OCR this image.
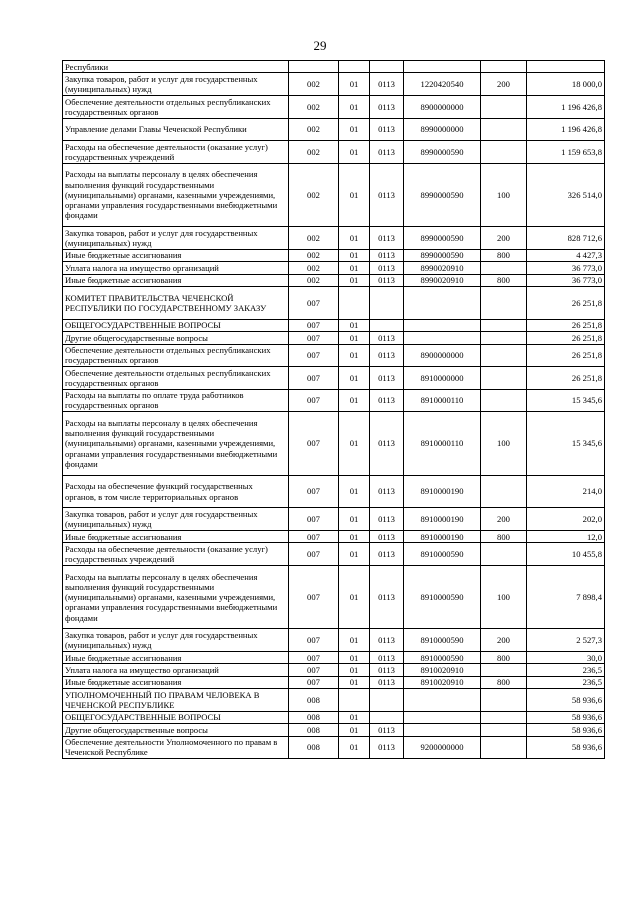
29
Республики						
Закупка товаров, работ и услуг для государственных (муниципальных) нужд	002	01	0113	1220420540	200	18 000,0
Обеспечение деятельности отдельных республиканских государственных органов	002	01	0113	8900000000		1 196 426,8
Управление делами Главы Чеченской Республики	002	01	0113	8990000000		1 196 426,8
Расходы на обеспечение деятельности (оказание услуг) государственных учреждений	002	01	0113	8990000590		1 159 653,8
Расходы на выплаты персоналу в целях обеспечения выполнения функций государственными (муниципальными) органами, казенными учреждениями, органами управления государственными внебюджетными фондами	002	01	0113	8990000590	100	326 514,0
Закупка товаров, работ и услуг для государственных (муниципальных) нужд	002	01	0113	8990000590	200	828 712,6
Иные бюджетные ассигнования	002	01	0113	8990000590	800	4 427,3
Уплата налога на имущество организаций	002	01	0113	8990020910		36 773,0
Иные бюджетные ассигнования	002	01	0113	8990020910	800	36 773,0
КОМИТЕТ ПРАВИТЕЛЬСТВА ЧЕЧЕНСКОЙ РЕСПУБЛИКИ ПО ГОСУДАРСТВЕННОМУ ЗАКАЗУ	007					26 251,8
ОБЩЕГОСУДАРСТВЕННЫЕ ВОПРОСЫ	007	01				26 251,8
Другие общегосударственные вопросы	007	01	0113			26 251,8
Обеспечение деятельности отдельных республиканских государственных органов	007	01	0113	8900000000		26 251,8
Обеспечение деятельности отдельных республиканских государственных органов	007	01	0113	8910000000		26 251,8
Расходы на выплаты по оплате труда работников государственных органов	007	01	0113	8910000110		15 345,6
Расходы на выплаты персоналу в целях обеспечения выполнения функций государственными (муниципальными) органами, казенными учреждениями, органами управления государственными внебюджетными фондами	007	01	0113	8910000110	100	15 345,6
Расходы на обеспечение функций государственных органов, в том числе территориальных органов	007	01	0113	8910000190		214,0
Закупка товаров, работ и услуг для государственных (муниципальных) нужд	007	01	0113	8910000190	200	202,0
Иные бюджетные ассигнования	007	01	0113	8910000190	800	12,0
Расходы на обеспечение деятельности (оказание услуг) государственных учреждений	007	01	0113	8910000590		10 455,8
Расходы на выплаты персоналу в целях обеспечения выполнения функций государственными (муниципальными) органами, казенными учреждениями, органами управления государственными внебюджетными фондами	007	01	0113	8910000590	100	7 898,4
Закупка товаров, работ и услуг для государственных (муниципальных) нужд	007	01	0113	8910000590	200	2 527,3
Иные бюджетные ассигнования	007	01	0113	8910000590	800	30,0
Уплата налога на имущество организаций	007	01	0113	8910020910		236,5
Иные бюджетные ассигнования	007	01	0113	8910020910	800	236,5
УПОЛНОМОЧЕННЫЙ ПО ПРАВАМ ЧЕЛОВЕКА В ЧЕЧЕНСКОЙ РЕСПУБЛИКЕ	008					58 936,6
ОБЩЕГОСУДАРСТВЕННЫЕ ВОПРОСЫ	008	01				58 936,6
Другие общегосударственные вопросы	008	01	0113			58 936,6
Обеспечение деятельности Уполномоченного по правам в Чеченской Республике	008	01	0113	9200000000		58 936,6
